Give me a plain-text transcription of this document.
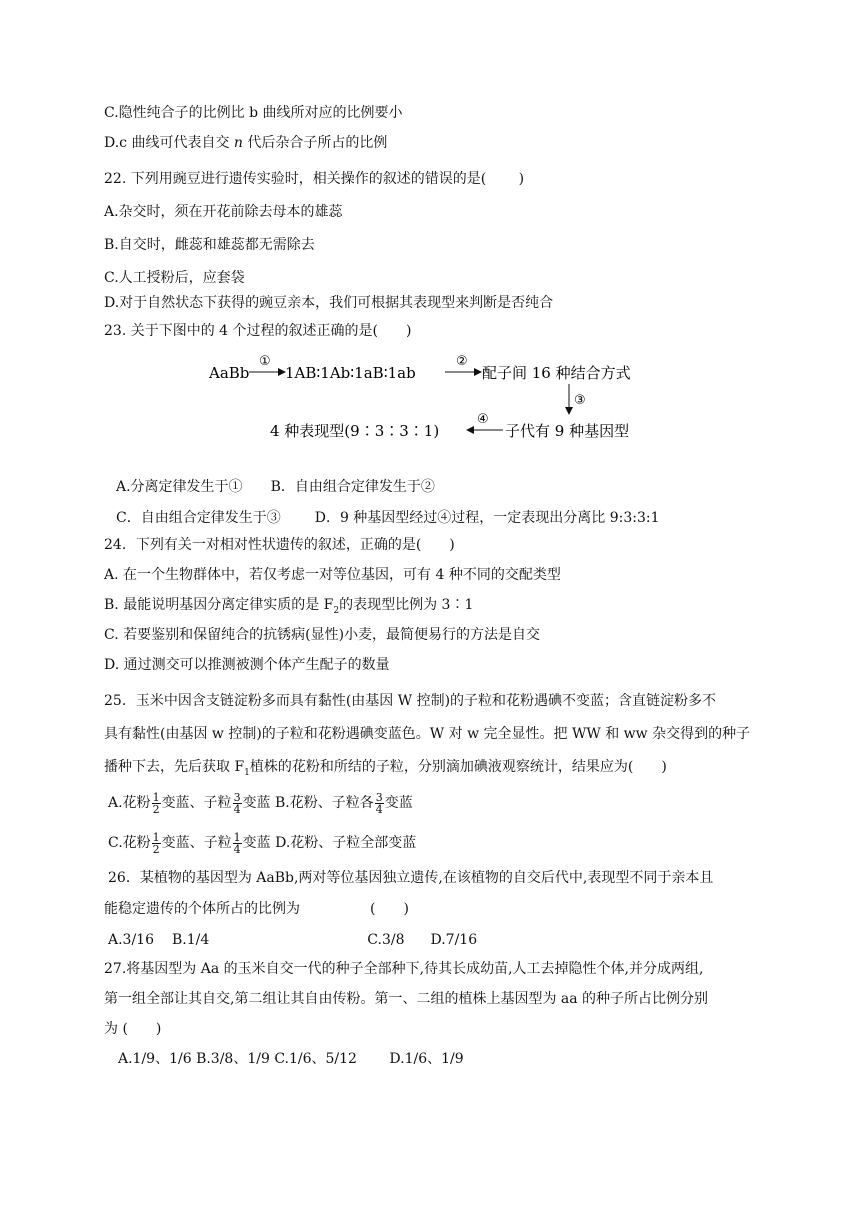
C.隐性纯合子的比例比 b 曲线所对应的比例要小
D.c 曲线可代表自交 n 代后杂合子所占的比例
22. 下列用豌豆进行遗传实验时，相关操作的叙述的错误的是(　　 )
A.杂交时，须在开花前除去母本的雄蕊
B.自交时，雌蕊和雄蕊都无需除去
C.人工授粉后，应套袋
D.对于自然状态下获得的豌豆亲本，我们可根据其表现型来判断是否纯合
23. 关于下图中的 4 个过程的叙述正确的是(　　)
AaBb
①
1AB∶1Ab∶1aB∶1ab
②
配子间 16 种结合方式
③
4 种表现型(9∶3∶3∶1)
④
子代有 9 种基因型
A.分离定律发生于① B．自由组合定律发生于②
C．自由组合定律发生于③ D．9 种基因型经过④过程，一定表现出分离比 9:3:3:1
24．下列有关一对相对性状遗传的叙述，正确的是(　　)
A. 在一个生物群体中，若仅考虑一对等位基因，可有 4 种不同的交配类型
B. 最能说明基因分离定律实质的是 $F_2$的表现型比例为 3∶1
C. 若要鉴别和保留纯合的抗锈病(显性)小麦，最简便易行的方法是自交
D. 通过测交可以推测被测个体产生配子的数量
25．玉米中因含支链淀粉多而具有黏性(由基因 W 控制)的子粒和花粉遇碘不变蓝；含直链淀粉多不
具有黏性(由基因 w 控制)的子粒和花粉遇碘变蓝色。W 对 w 完全显性。把 WW 和 ww 杂交得到的种子
播种下去，先后获取 $F_1$植株的花粉和所结的子粒，分别滴加碘液观察统计，结果应为(　　)
A.花粉 $\frac{1}{2}$ 变蓝、子粒 $\frac{3}{4}$ 变蓝 B.花粉、子粒各 $\frac{3}{4}$ 变蓝
C.花粉 $\frac{1}{2}$ 变蓝、子粒 $\frac{1}{4}$ 变蓝 D.花粉、子粒全部变蓝
26．某植物的基因型为 AaBb,两对等位基因独立遗传,在该植物的自交后代中,表现型不同于亲本且
能稳定遗传的个体所占的比例为　　　　　(　　)
A.3/16 B.1/4	C.3/8 D.7/16
27.将基因型为 Aa 的玉米自交一代的种子全部种下,待其长成幼苗,人工去掉隐性个体,并分成两组,
第一组全部让其自交,第二组让其自由传粉。第一、二组的植株上基因型为 aa 的种子所占比例分别
为 (　　)
A.1/9、1/6 B.3/8、1/9 C.1/6、5/12　　 D.1/6、1/9
